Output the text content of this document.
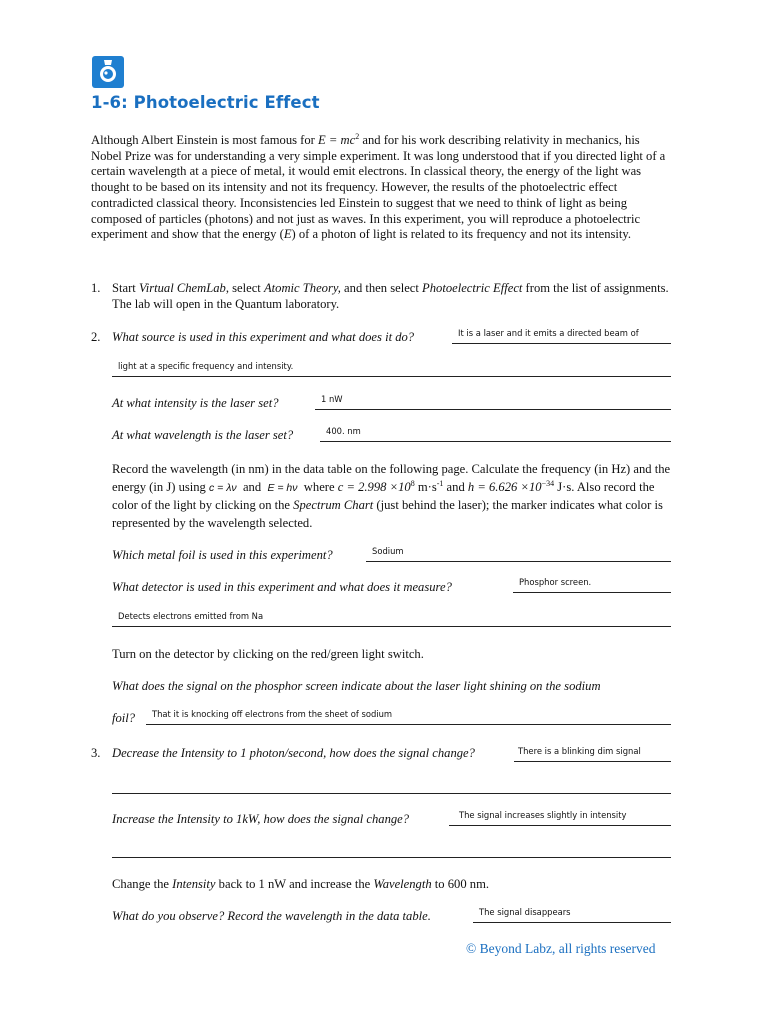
1-6: Photoelectric Effect

Although Albert Einstein is most famous for $E = mc^2$ and for his work describing relativity in mechanics, his Nobel Prize was for understanding a very simple experiment. It was long understood that if you directed light of a certain wavelength at a piece of metal, it would emit electrons. In classical theory, the energy of the light was thought to be based on its intensity and not its frequency. However, the results of the photoelectric effect contradicted classical theory. Inconsistencies led Einstein to suggest that we need to think of light as being composed of particles (photons) and not just as waves. In this experiment, you will reproduce a photoelectric experiment and show that the energy (E) of a photon of light is related to its frequency and not its intensity.

1. Start Virtual ChemLab, select Atomic Theory, and then select Photoelectric Effect from the list of assignments. The lab will open in the Quantum laboratory.

2. What source is used in this experiment and what does it do?	It is a laser and it emits a directed beam of
light at a specific frequency and intensity.
At what intensity is the laser set?	1 nW
At what wavelength is the laser set?	400. nm

Record the wavelength (in nm) in the data table on the following page. Calculate the frequency (in Hz) and the energy (in J) using c = λν  and  E = hν  where $c = 2.998 \times 10^8$ $m\cdot s^{-1}$ and $h = 6.626 \times 10^{-34}$ J·s. Also record the color of the light by clicking on the Spectrum Chart (just behind the laser); the marker indicates what color is represented by the wavelength selected.

Which metal foil is used in this experiment?	Sodium
What detector is used in this experiment and what does it measure?	Phosphor screen.
Detects electrons emitted from Na
Turn on the detector by clicking on the red/green light switch.
What does the signal on the phosphor screen indicate about the laser light shining on the sodium
foil?	That it is knocking off electrons from the sheet of sodium
3. Decrease the Intensity to 1 photon/second, how does the signal change?	There is a blinking dim signal
Increase the Intensity to 1kW, how does the signal change?	The signal increases slightly in intensity

Change the Intensity back to 1 nW and increase the Wavelength to 600 nm.

What do you observe? Record the wavelength in the data table.	The signal disappears
© Beyond Labz, all rights reserved
